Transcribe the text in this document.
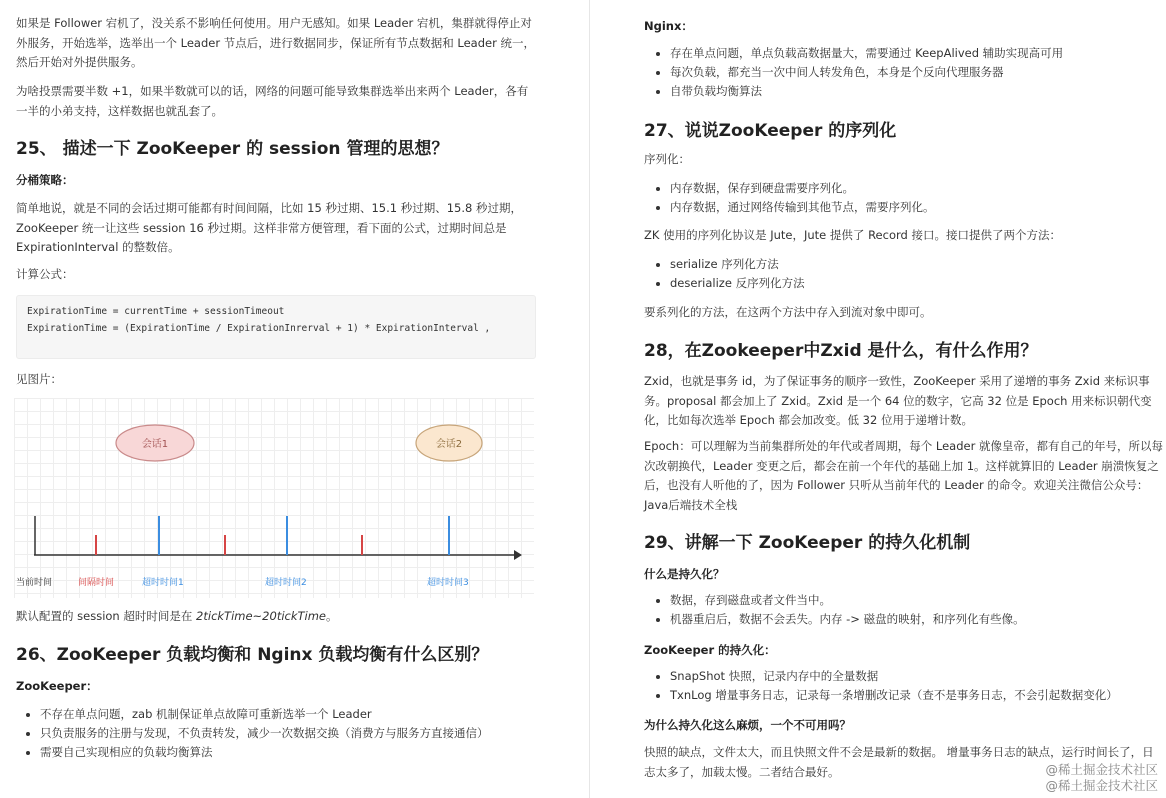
如果是 Follower 宕机了，没关系不影响任何使用。用户无感知。如果 Leader 宕机，集群就得停止对外服务，开始选举，选举出一个 Leader 节点后，进行数据同步，保证所有节点数据和 Leader 统一，然后开始对外提供服务。

为啥投票需要半数 +1，如果半数就可以的话，网络的问题可能导致集群选举出来两个 Leader，各有一半的小弟支持，这样数据也就乱套了。

25、 描述一下 ZooKeeper 的 session 管理的思想？
分桶策略：

简单地说，就是不同的会话过期可能都有时间间隔，比如 15 秒过期、15.1 秒过期、15.8 秒过期，ZooKeeper 统一让这些 session 16 秒过期。这样非常方便管理，看下面的公式，过期时间总是 ExpirationInterval 的整数倍。

计算公式：

ExpirationTime = currentTime + sessionTimeout
ExpirationTime = (ExpirationTime / ExpirationInrerval + 1) * ExpirationInterval ,

见图片：

会话1	会话2
当前时间	间隔时间	超时时间1	超时时间2	超时时间3

默认配置的 session 超时时间是在 2tickTime~20tickTime。

26、ZooKeeper 负载均衡和 Nginx 负载均衡有什么区别？
ZooKeeper：
不存在单点问题，zab 机制保证单点故障可重新选举一个 Leader
只负责服务的注册与发现，不负责转发，减少一次数据交换（消费方与服务方直接通信）
需要自己实现相应的负载均衡算法
Nginx：
存在单点问题，单点负载高数据量大，需要通过 KeepAlived 辅助实现高可用
每次负载，都充当一次中间人转发角色，本身是个反向代理服务器
自带负载均衡算法
27、说说ZooKeeper 的序列化

序列化：

内存数据，保存到硬盘需要序列化。
内存数据，通过网络传输到其他节点，需要序列化。

ZK 使用的序列化协议是 Jute，Jute 提供了 Record 接口。接口提供了两个方法：

serialize 序列化方法
deserialize 反序列化方法

要系列化的方法，在这两个方法中存入到流对象中即可。

28，在Zookeeper中Zxid 是什么，有什么作用？

Zxid，也就是事务 id，为了保证事务的顺序一致性，ZooKeeper 采用了递增的事务 Zxid 来标识事务。proposal 都会加上了 Zxid。Zxid 是一个 64 位的数字，它高 32 位是 Epoch 用来标识朝代变化，比如每次选举 Epoch 都会加改变。低 32 位用于递增计数。

Epoch：可以理解为当前集群所处的年代或者周期，每个 Leader 就像皇帝，都有自己的年号，所以每次改朝换代，Leader 变更之后，都会在前一个年代的基础上加 1。这样就算旧的 Leader 崩溃恢复之后，也没有人听他的了，因为 Follower 只听从当前年代的 Leader 的命令。欢迎关注微信公众号：Java后端技术全栈

29、讲解一下 ZooKeeper 的持久化机制
什么是持久化？
数据，存到磁盘或者文件当中。
机器重启后，数据不会丢失。内存 -> 磁盘的映射，和序列化有些像。
ZooKeeper 的持久化：
SnapShot 快照，记录内存中的全量数据
TxnLog 增量事务日志，记录每一条增删改记录（查不是事务日志，不会引起数据变化）
为什么持久化这么麻烦，一个不可用吗？

快照的缺点，文件太大，而且快照文件不会是最新的数据。 增量事务日志的缺点，运行时间长了，日志太多了，加载太慢。二者结合最好。	@稀土掘金技术社区
@稀土掘金技术社区
